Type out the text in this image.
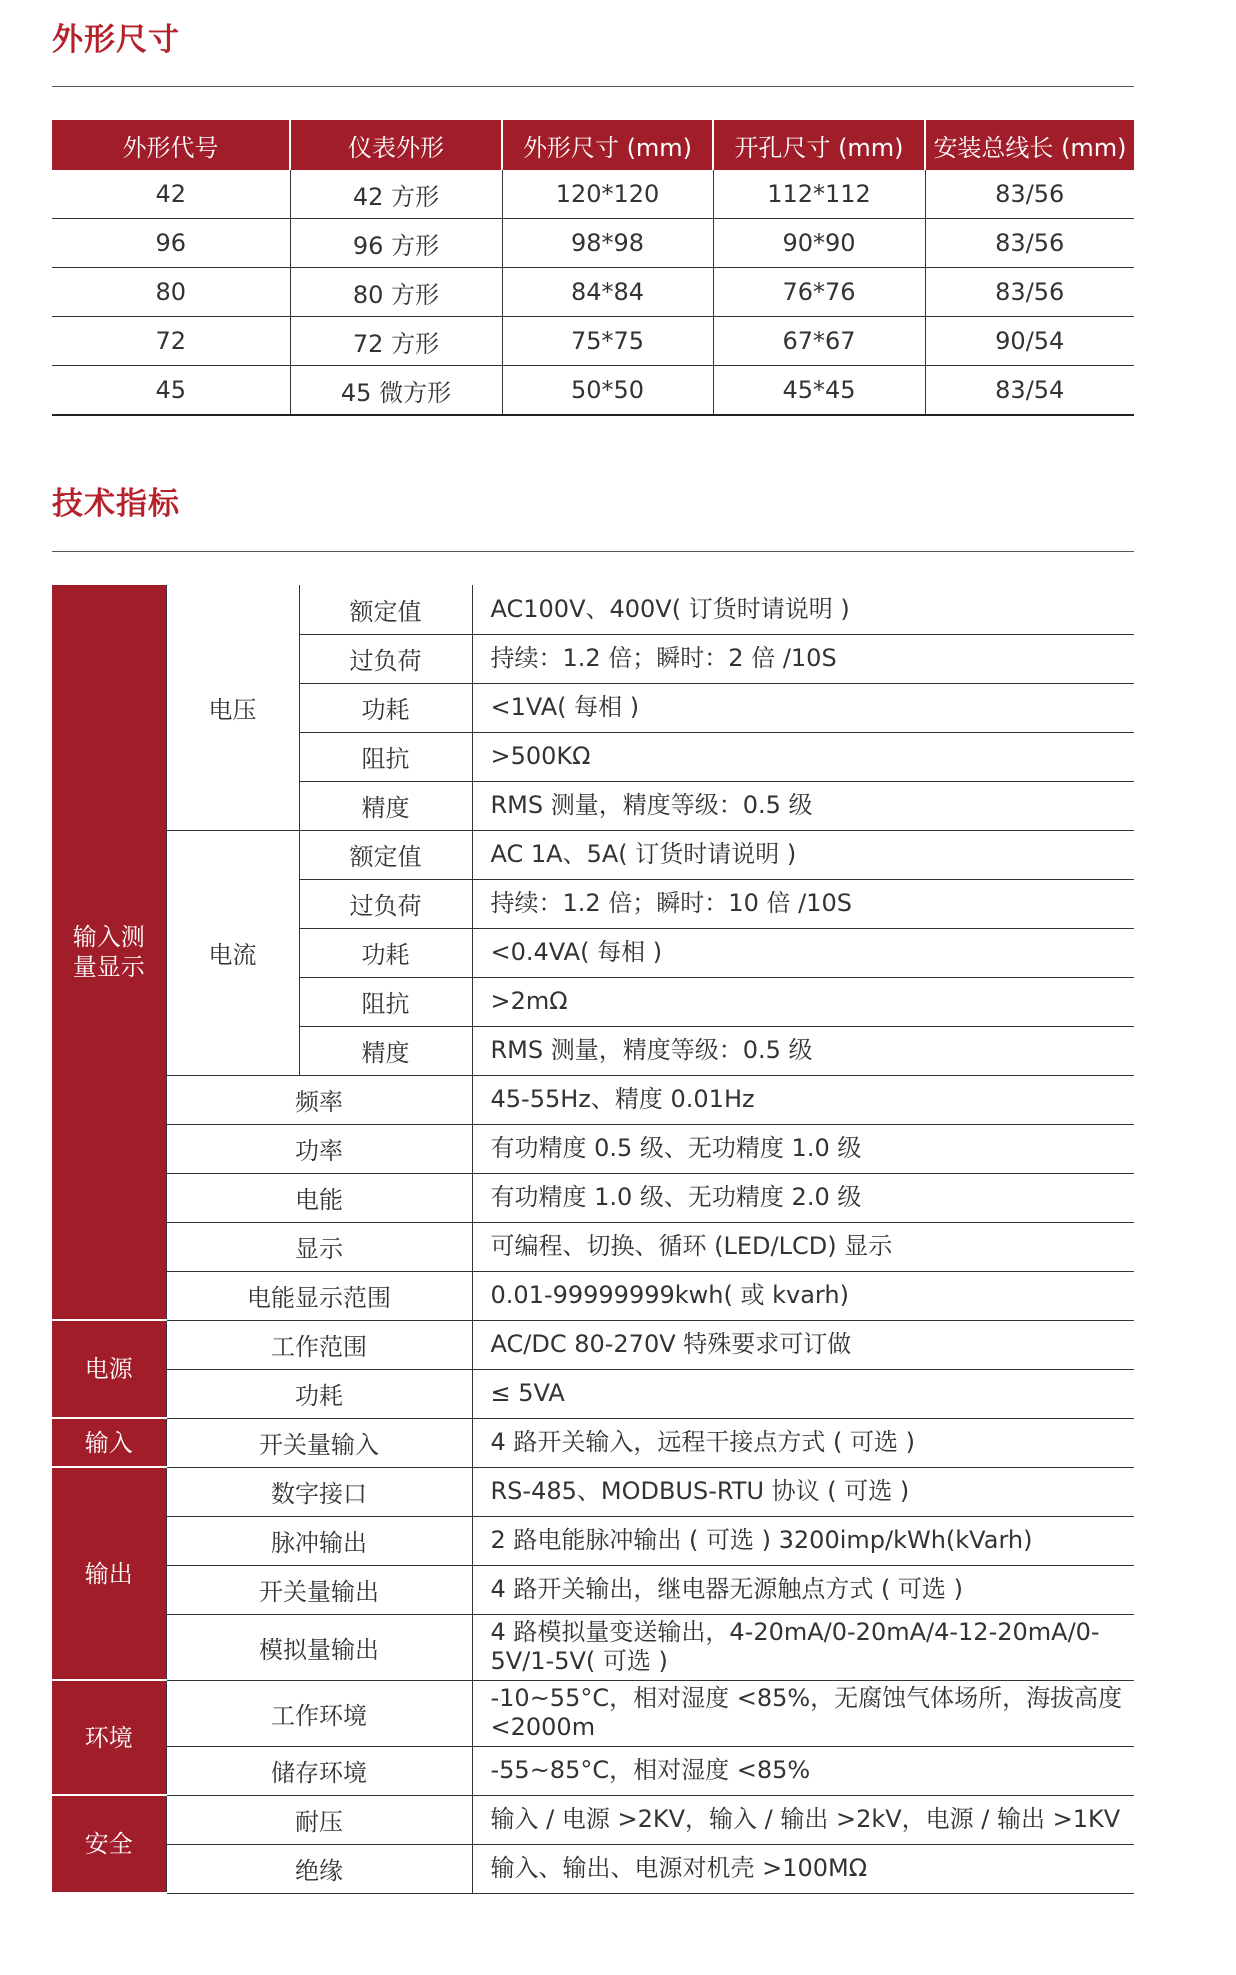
外形尺寸
外形代号	仪表外形	外形尺寸 (mm)	开孔尺寸 (mm)	安装总线长 (mm)
42	42 方形	120*120	112*112	83/56
96	96 方形	98*98	90*90	83/56
80	80 方形	84*84	76*76	83/56
72	72 方形	75*75	67*67	90/54
45	45 微方形	50*50	45*45	83/54
技术指标
输入测量显示	电压	额定值	AC100V、400V( 订货时请说明 )
		过负荷	持续：1.2 倍；瞬时：2 倍 /10S
		功耗	<1VA( 每相 )
		阻抗	>500KΩ
		精度	RMS 测量，精度等级：0.5 级
	电流	额定值	AC 1A、5A( 订货时请说明 )
		过负荷	持续：1.2 倍；瞬时：10 倍 /10S
		功耗	<0.4VA( 每相 )
		阻抗	>2mΩ
		精度	RMS 测量，精度等级：0.5 级
	频率		45-55Hz、精度 0.01Hz
	功率		有功精度 0.5 级、无功精度 1.0 级
	电能		有功精度 1.0 级、无功精度 2.0 级
	显示		可编程、切换、循环 (LED/LCD) 显示
	电能显示范围		0.01-99999999kwh( 或 kvarh)
电源	工作范围		AC/DC 80-270V 特殊要求可订做
	功耗		≤ 5VA
输入	开关量输入		4 路开关输入，远程干接点方式 ( 可选 )
输出	数字接口		RS-485、MODBUS-RTU 协议 ( 可选 )
	脉冲输出		2 路电能脉冲输出 ( 可选 ) 3200imp/kWh(kVarh)
	开关量输出		4 路开关输出，继电器无源触点方式 ( 可选 )
	模拟量输出		4 路模拟量变送输出，4-20mA/0-20mA/4-12-20mA/0-5V/1-5V( 可选 )
环境	工作环境		-10~55°C，相对湿度 <85%，无腐蚀气体场所，海拔高度 <2000m
	储存环境		-55~85°C，相对湿度 <85%
安全	耐压		输入 / 电源 >2KV，输入 / 输出 >2kV，电源 / 输出 >1KV
	绝缘		输入、输出、电源对机壳 >100MΩ
